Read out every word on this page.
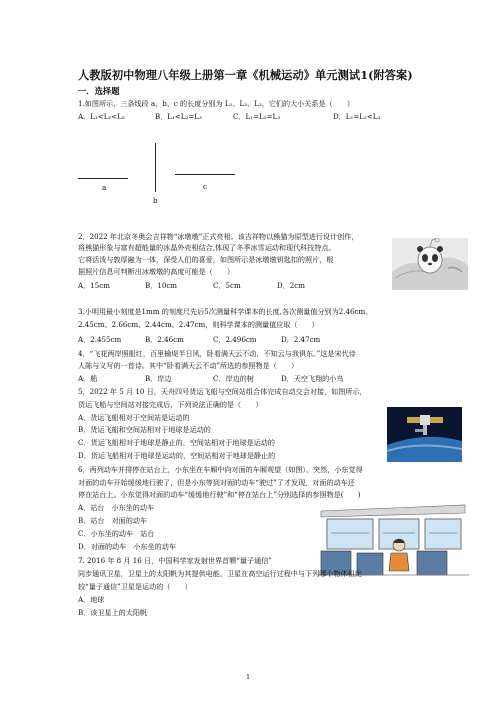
人教版初中物理八年级上册第一章《机械运动》单元测试1(附答案)
一．选择题
1.如图所示，三条线段 a、b、c 的长度分别为 L₁、L₂、L₃，它们的大小关系是（　　）
A．L₁<L₂<L₃	B．L₁<L₂=L₃	C．L₁=L₂=L₃	D．L₁=L₂<L₃
a
b
c
2．2022 年北京冬奥会吉祥物“冰墩墩”正式亮相。该吉祥物以熊猫为原型进行设计创作，
将熊猫形象与富有超能量的冰晶外壳相结合,体现了冬季冰雪运动和现代科技特点。
它将活泼与敦厚融为一体，深受人们的喜爱，如图所示是冰墩墩钥匙扣的照片，根
据照片信息可判断出冰墩墩的高度可能是（　　）
A．15cm	B．10cm	C．5cm	D．2cm
3.小明用最小刻度是1mm 的刻度尺先后5次测量科学课本的长度,各次测量值分别为2.46cm、
2.45cm、2.66cm、2.44cm、2.47cm，则科学课本的测量值应取（　　）
A．2.455cm	B．2.46cm	C．2.496cm	D．2.47cm
4．“飞花两岸照船红，百里榆堤半日风，卧看满天云不动，不知云与我俱东。”这是宋代诗
人陈与义写的一首诗。其中“卧看满天云不动”所选的参照物是（　　）
A．船	B．岸边	C．岸边的树	D．天空飞翔的小鸟
5．2022 年 5 月 10 日，天舟四号货运飞船与空间站组合体完成自动交会对接，如图所示，
货运飞船与空间站对接完成后，下列说法正确的是（　　）
A．货运飞船相对于空间站是运动的
B．货运飞船和空间站相对于地球是运动的
C．货运飞船相对于地球是静止的，空间站相对于地球是运动的
D．货运飞船相对于地球是运动的，空间站相对于地球是静止的
6．两列动车并排停在站台上，小东坐在车厢中向对面的车厢观望（如图）。突然，小东觉得
对面的动车开始缓缓地行驶了，但是小东等到对面的动车“驶过”了才发现，对面的动车还
停在站台上。小东觉得对面的动车“缓缓地行驶”和“停在站台上”分别选择的参照物是(　　)
A．站台　小东坐的动车
B．站台　对面的动车
C．小东坐的动车　站台
D．对面的动车　小东坐的动车
7. 2016 年 8 月 16 日，中国科学家发射世界首颗“量子通信”
同步通讯卫星，卫星上的太阳帆为其提供电能，卫星在高空运行过程中与下列哪个物体相比
较“量子通信”卫星是运动的（　　）
A．地球
B．该卫星上的太阳帆
1
